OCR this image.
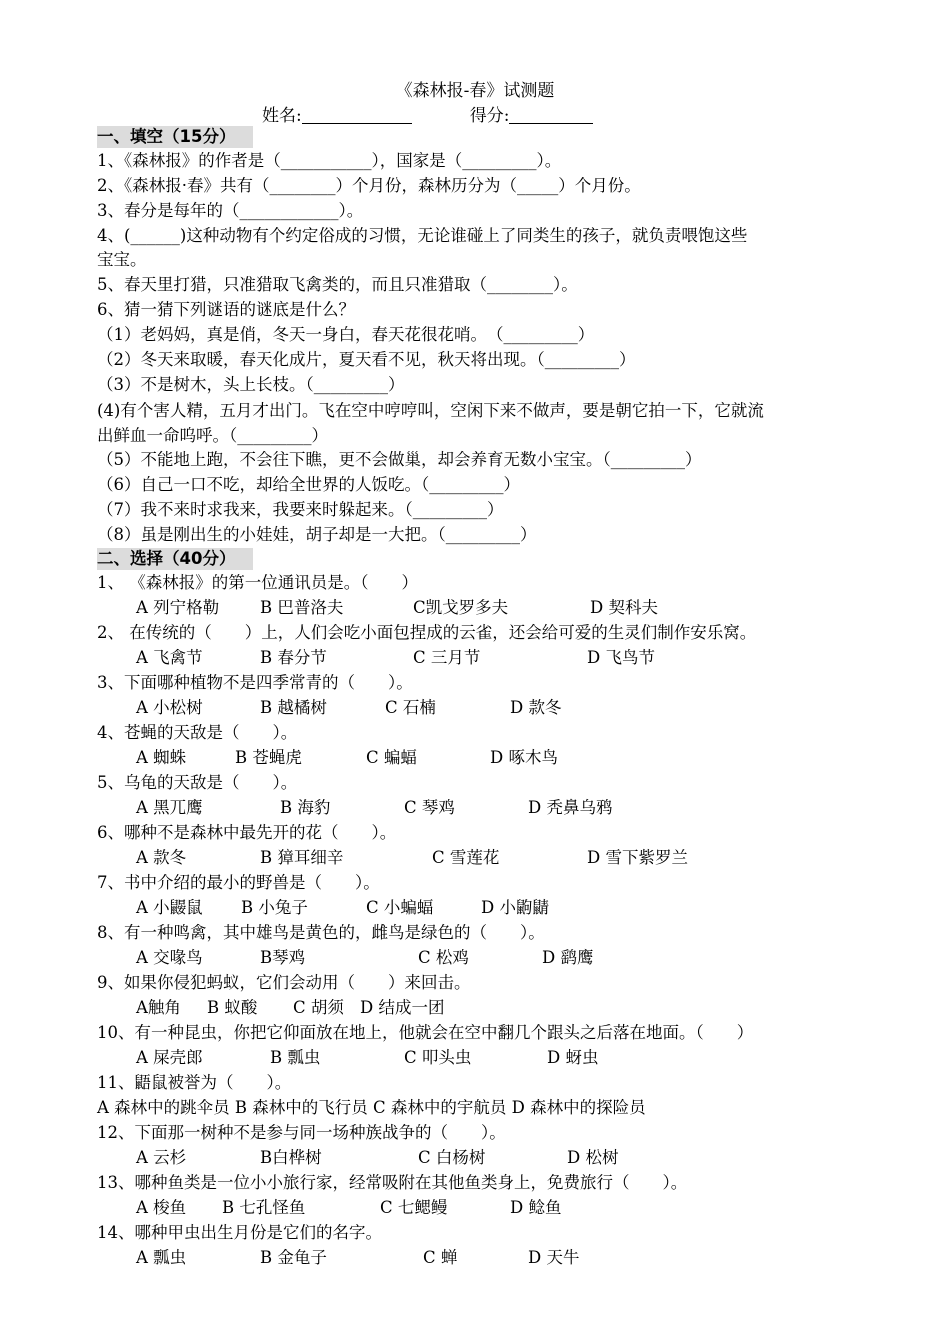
《森林报-春》试测题
姓名:	得分:
一、填空（15分）
1、《森林报》的作者是（___________），国家是（_________）。
2、《森林报·春》共有（________）个月份，森林历分为（_____）个月份。
3、春分是每年的（____________）。
4、(______)这种动物有个约定俗成的习惯，无论谁碰上了同类生的孩子，就负责喂饱这些
宝宝。
5、春天里打猎，只准猎取飞禽类的，而且只准猎取（________）。
6、猜一猜下列谜语的谜底是什么？
（1）老妈妈，真是俏，冬天一身白，春天花很花哨。　（_________）
（2）冬天来取暖，春天化成片，夏天看不见，秋天将出现。（_________）
（3）不是树木，头上长枝。（_________）
(4)有个害人精，五月才出门。飞在空中哼哼叫，空闲下来不做声，要是朝它拍一下，它就流
出鲜血一命呜呼。（_________）
（5）不能地上跑，不会往下瞧，更不会做巢，却会养育无数小宝宝。（_________）
（6）自己一口不吃，却给全世界的人饭吃。（_________）
（7）我不来时求我来，我要来时躲起来。（_________）
（8）虽是刚出生的小娃娃，胡子却是一大把。（_________）
二、选择（40分）
1、 《森林报》的第一位通讯员是。（　　）
A 列宁格勒 B 巴普洛夫	C凯戈罗多夫	D 契科夫
2、 在传统的（　　）上，人们会吃小面包捏成的云雀，还会给可爱的生灵们制作安乐窝。
A 飞禽节	B 春分节	C 三月节	D 飞鸟节
3、下面哪种植物不是四季常青的（　　）。
A 小松树	B 越橘树	C 石楠	D 款冬
4、苍蝇的天敌是（　　）。
A 蜘蛛	B 苍蝇虎	C 蝙蝠	D 啄木鸟
5、乌龟的天敌是（　　）。
A 黑兀鹰	B 海豹	C 琴鸡	D 秃鼻乌鸦
6、哪种不是森林中最先开的花（　　）。
A 款冬	B 獐耳细辛	C 雪莲花	D 雪下紫罗兰
7、书中介绍的最小的野兽是（　　）。
A 小鼹鼠 B 小兔子	C 小蝙蝠	D 小鼩鼱
8、有一种鸣禽，其中雄鸟是黄色的，雌鸟是绿色的（　　）。
A 交喙鸟	B琴鸡	C 松鸡	D 鹞鹰
9、如果你侵犯蚂蚁，它们会动用（　　）来回击。
A触角 B 蚁酸 C 胡须 D 结成一团
10、有一种昆虫，你把它仰面放在地上，他就会在空中翻几个跟头之后落在地面。（　　）
A 屎壳郎	B 瓢虫	C 叩头虫	D 蚜虫
11、鼯鼠被誉为（　　）。
A 森林中的跳伞员 B 森林中的飞行员 C 森林中的宇航员 D 森林中的探险员
12、下面那一树种不是参与同一场种族战争的（　　）。
A 云杉	B白桦树	C 白杨树	D 松树
13、哪种鱼类是一位小小旅行家，经常吸附在其他鱼类身上，免费旅行（　　）。
A 梭鱼 B 七孔怪鱼	C 七鳃鳗	D 鲶鱼
14、哪种甲虫出生月份是它们的名字。
A 瓢虫	B 金龟子	C 蝉	D 天牛
